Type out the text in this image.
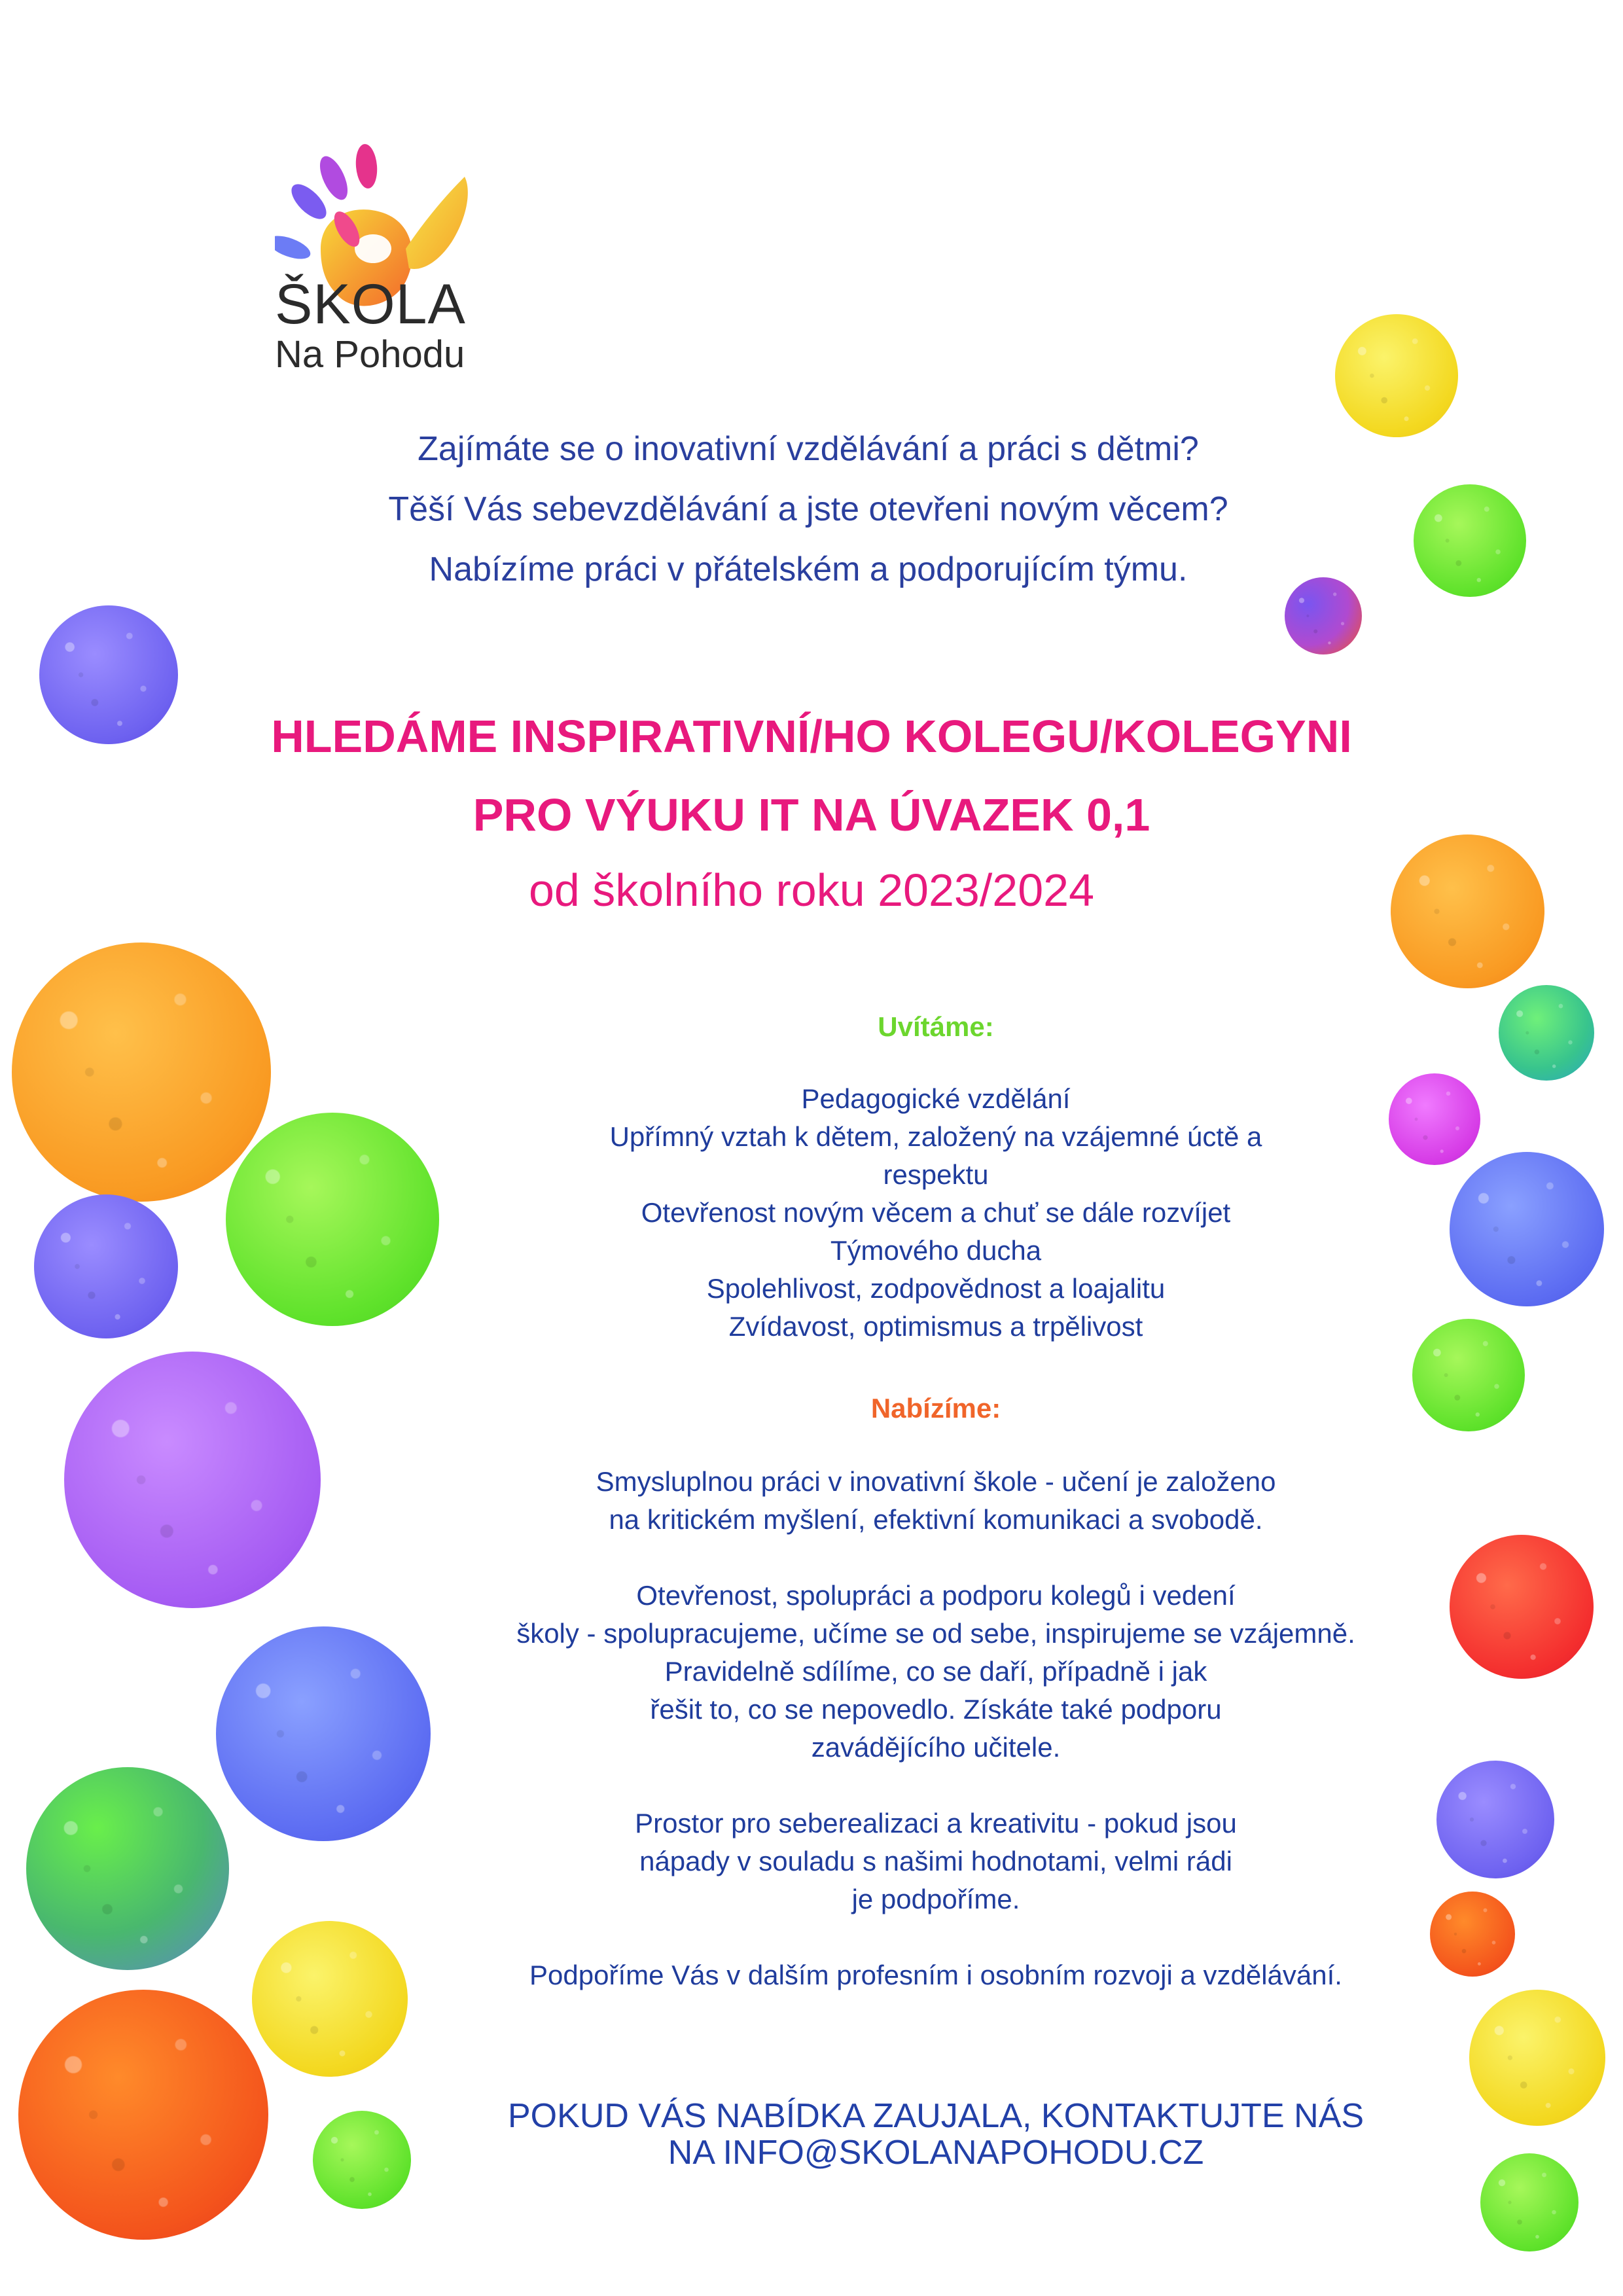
ŠKOLA
Na Pohodu
Zajímáte se o inovativní vzdělávání a práci s dětmi?
Těší Vás sebevzdělávání a jste otevřeni novým věcem?
Nabízíme práci v přátelském a podporujícím týmu.
HLEDÁME INSPIRATIVNÍ/HO KOLEGU/KOLEGYNI
PRO VÝUKU IT NA ÚVAZEK 0,1
od školního roku 2023/2024
Uvítáme:
Pedagogické vzdělání
Upřímný vztah k dětem, založený na vzájemné úctě a
respektu
Otevřenost novým věcem a chuť se dále rozvíjet
Týmového ducha
Spolehlivost, zodpovědnost a loajalitu
Zvídavost, optimismus a trpělivost
Nabízíme:
Smysluplnou práci v inovativní škole - učení je založeno
na kritickém myšlení, efektivní komunikaci a svobodě.
Otevřenost, spolupráci a podporu kolegů i vedení
školy - spolupracujeme, učíme se od sebe, inspirujeme se vzájemně.
Pravidelně sdílíme, co se daří, případně i jak
řešit to, co se nepovedlo. Získáte také podporu
zavádějícího učitele.
Prostor pro seberealizaci a kreativitu - pokud jsou
nápady v souladu s našimi hodnotami, velmi rádi
je podpoříme.
Podpoříme Vás v dalším profesním i osobním rozvoji a vzdělávání.
POKUD VÁS NABÍDKA ZAUJALA, KONTAKTUJTE NÁS
NA INFO@SKOLANAPOHODU.CZ
